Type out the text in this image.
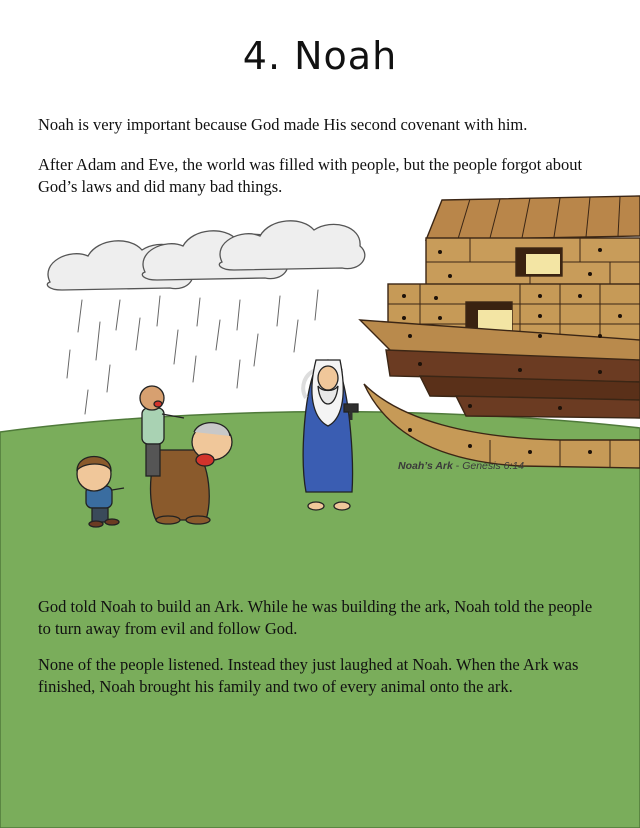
4. Noah

Noah is very important because God made His second covenant with him.

After Adam and Eve, the world was filled with people, but the people forgot about God’s laws and did many bad things.

Noah’s Ark - Genesis 6:14

God told Noah to build an Ark. While he was building the ark, Noah told the people to turn away from evil and follow God.

None of the people listened. Instead they just laughed at Noah. When the Ark was finished, Noah brought his family and two of every animal onto the ark.
